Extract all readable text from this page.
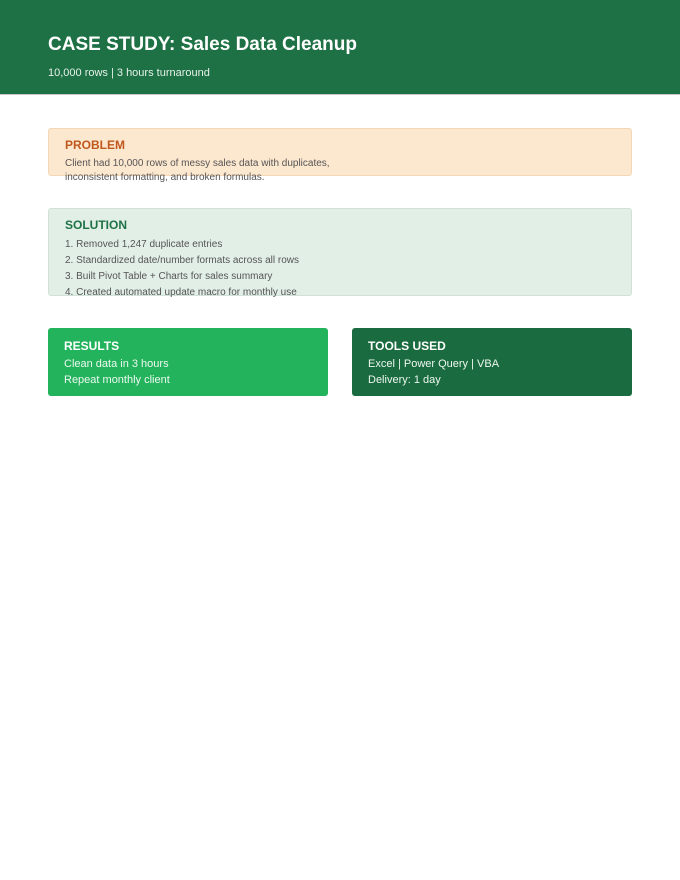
CASE STUDY: Sales Data Cleanup
10,000 rows | 3 hours turnaround
PROBLEM
Client had 10,000 rows of messy sales data with duplicates,
inconsistent formatting, and broken formulas.
SOLUTION
1. Removed 1,247 duplicate entries
2. Standardized date/number formats across all rows
3. Built Pivot Table + Charts for sales summary
4. Created automated update macro for monthly use
RESULTS
Clean data in 3 hours
Repeat monthly client
TOOLS USED
Excel | Power Query | VBA
Delivery: 1 day
